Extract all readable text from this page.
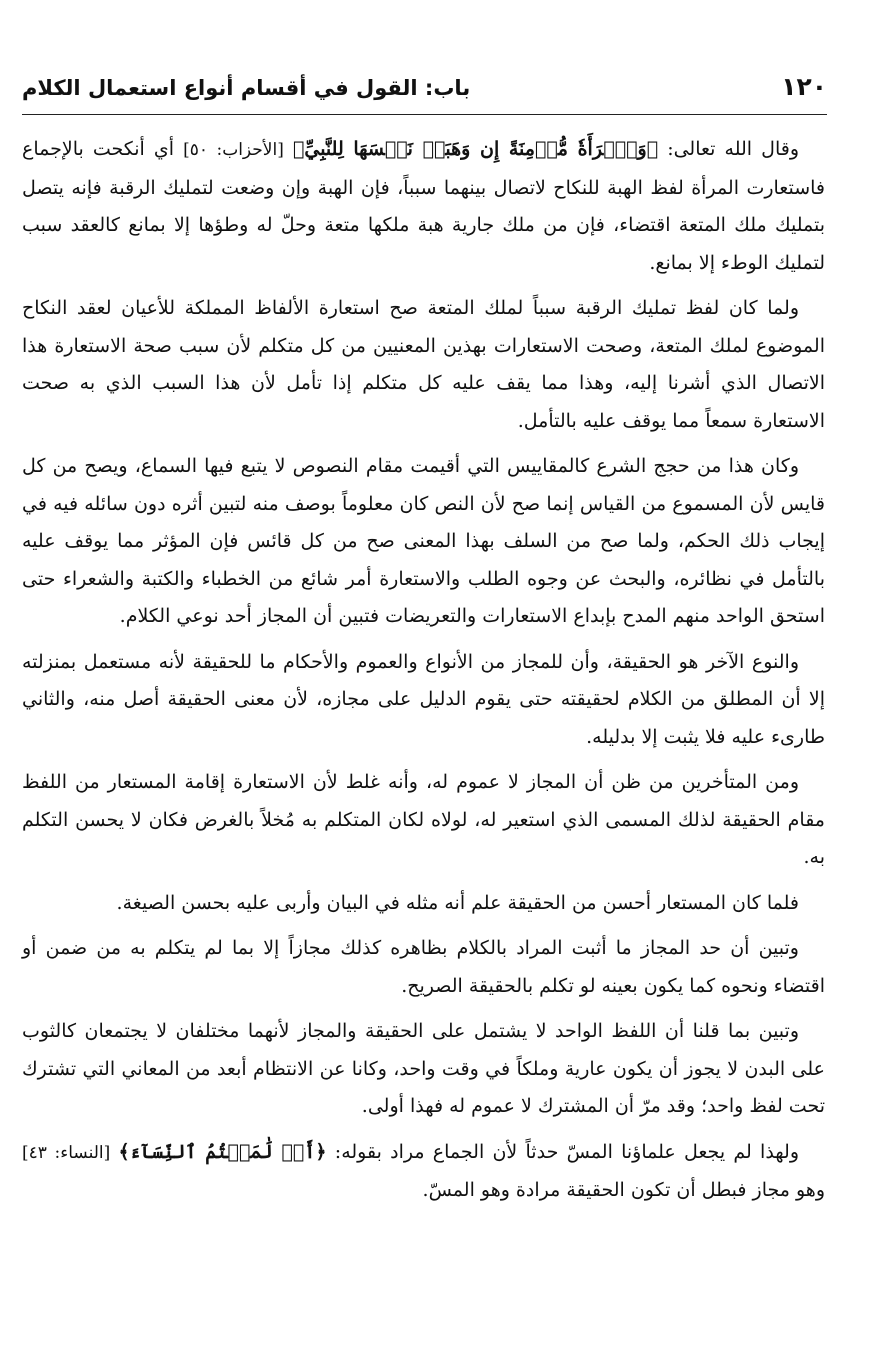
١٢٠
باب: القول في أقسام أنواع استعمال الكلام

وقال الله تعالى: ﴿وَٱمۡرَأَةٗ مُّؤۡمِنَةً إِن وَهَبَتۡ نَفۡسَهَا لِلنَّبِيِّ﴾ [الأحزاب: ٥٠] أي أنكحت بالإجماع فاستعارت المرأة لفظ الهبة للنكاح لاتصال بينهما سبباً، فإن الهبة وإن وضعت لتمليك الرقبة فإنه يتصل بتمليك ملك المتعة اقتضاء، فإن من ملك جارية هبة ملكها متعة وحلّ له وطؤها إلا بمانع كالعقد سبب لتمليك الوطء إلا بمانع.

ولما كان لفظ تمليك الرقبة سبباً لملك المتعة صح استعارة الألفاظ المملكة للأعيان لعقد النكاح الموضوع لملك المتعة، وصحت الاستعارات بهذين المعنيين من كل متكلم لأن سبب صحة الاستعارة هذا الاتصال الذي أشرنا إليه، وهذا مما يقف عليه كل متكلم إذا تأمل لأن هذا السبب الذي به صحت الاستعارة سمعاً مما يوقف عليه بالتأمل.

وكان هذا من حجج الشرع كالمقاييس التي أقيمت مقام النصوص لا يتبع فيها السماع، ويصح من كل قايس لأن المسموع من القياس إنما صح لأن النص كان معلوماً بوصف منه لتبين أثره دون سائله فيه في إيجاب ذلك الحكم، ولما صح من السلف بهذا المعنى صح من كل قائس فإن المؤثر مما يوقف عليه بالتأمل في نظائره، والبحث عن وجوه الطلب والاستعارة أمر شائع من الخطباء والكتبة والشعراء حتى استحق الواحد منهم المدح بإبداع الاستعارات والتعريضات فتبين أن المجاز أحد نوعي الكلام.

والنوع الآخر هو الحقيقة، وأن للمجاز من الأنواع والعموم والأحكام ما للحقيقة لأنه مستعمل بمنزلته إلا أن المطلق من الكلام لحقيقته حتى يقوم الدليل على مجازه، لأن معنى الحقيقة أصل منه، والثاني طارىء عليه فلا يثبت إلا بدليله.

ومن المتأخرين من ظن أن المجاز لا عموم له، وأنه غلط لأن الاستعارة إقامة المستعار من اللفظ مقام الحقيقة لذلك المسمى الذي استعير له، لولاه لكان المتكلم به مُخلاً بالغرض فكان لا يحسن التكلم به.

فلما كان المستعار أحسن من الحقيقة علم أنه مثله في البيان وأربى عليه بحسن الصيغة.

وتبين أن حد المجاز ما أثبت المراد بالكلام بظاهره كذلك مجازاً إلا بما لم يتكلم به من ضمن أو اقتضاء ونحوه كما يكون بعينه لو تكلم بالحقيقة الصريح.

وتبين بما قلنا أن اللفظ الواحد لا يشتمل على الحقيقة والمجاز لأنهما مختلفان لا يجتمعان كالثوب على البدن لا يجوز أن يكون عارية وملكاً في وقت واحد، وكانا عن الانتظام أبعد من المعاني التي تشترك تحت لفظ واحد؛ وقد مرّ أن المشترك لا عموم له فهذا أولى.

ولهذا لم يجعل علماؤنا المسّ حدثاً لأن الجماع مراد بقوله: ﴿أَوۡ لَٰمَسۡتُمُ ٱلنِّسَآءَ﴾ [النساء: ٤٣] وهو مجاز فبطل أن تكون الحقيقة مرادة وهو المسّ.
